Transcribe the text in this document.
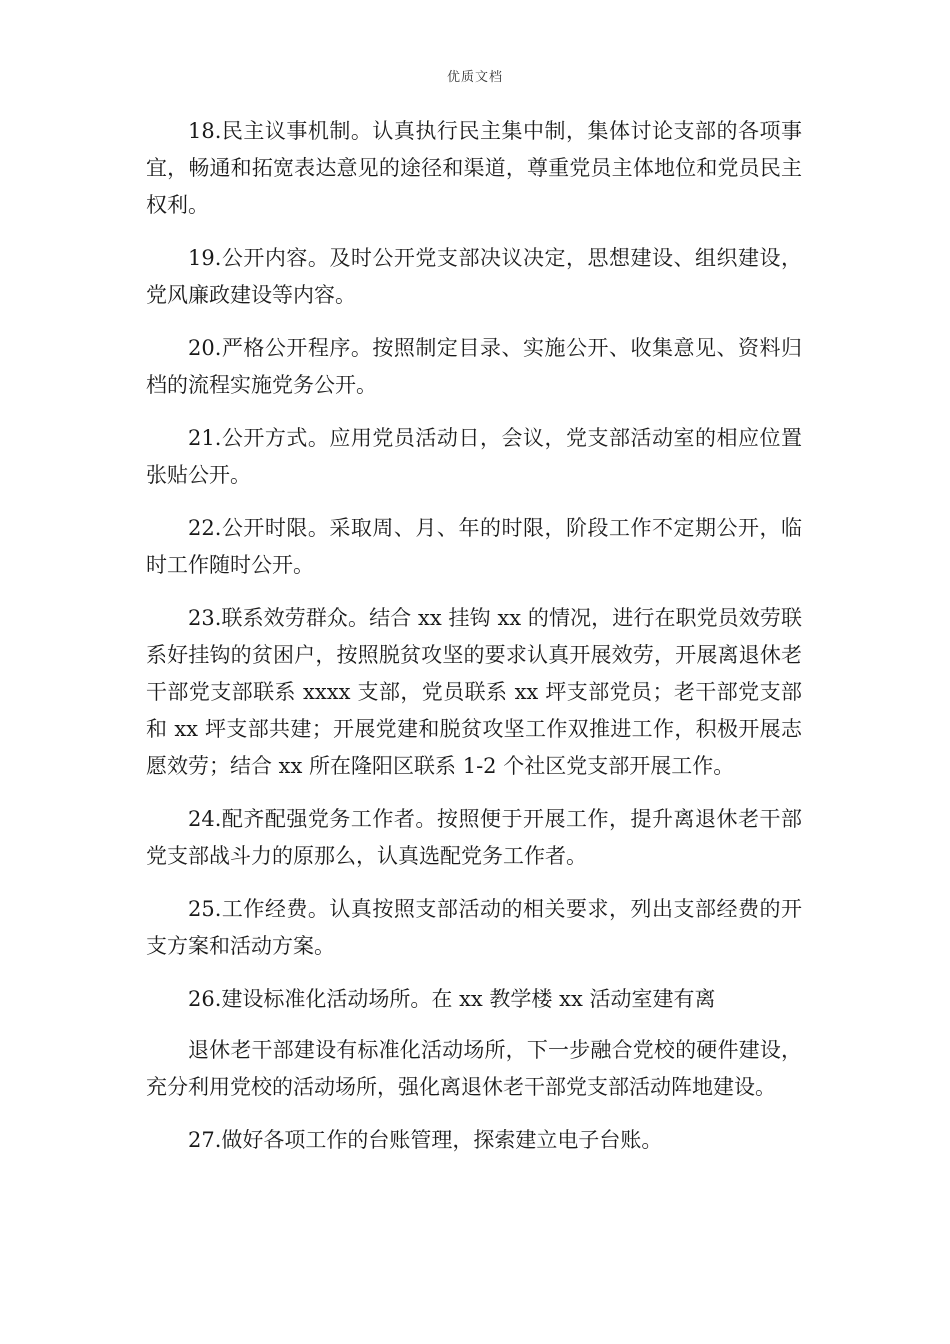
优质文档

18.民主议事机制。认真执行民主集中制，集体讨论支部的各项事宜，畅通和拓宽表达意见的途径和渠道，尊重党员主体地位和党员民主权利。

19.公开内容。及时公开党支部决议决定，思想建设、组织建设，党风廉政建设等内容。

20.严格公开程序。按照制定目录、实施公开、收集意见、资料归档的流程实施党务公开。

21.公开方式。应用党员活动日，会议，党支部活动室的相应位置张贴公开。

22.公开时限。采取周、月、年的时限，阶段工作不定期公开，临时工作随时公开。

23.联系效劳群众。结合 xx 挂钩 xx 的情况，进行在职党员效劳联系好挂钩的贫困户，按照脱贫攻坚的要求认真开展效劳，开展离退休老干部党支部联系 xxxx 支部，党员联系 xx 坪支部党员；老干部党支部和 xx 坪支部共建；开展党建和脱贫攻坚工作双推进工作，积极开展志愿效劳；结合 xx 所在隆阳区联系 1-2 个社区党支部开展工作。

24.配齐配强党务工作者。按照便于开展工作，提升离退休老干部党支部战斗力的原那么，认真选配党务工作者。

25.工作经费。认真按照支部活动的相关要求，列出支部经费的开支方案和活动方案。

26.建设标准化活动场所。在 xx 教学楼 xx 活动室建有离

退休老干部建设有标准化活动场所，下一步融合党校的硬件建设，充分利用党校的活动场所，强化离退休老干部党支部活动阵地建设。

27.做好各项工作的台账管理，探索建立电子台账。
